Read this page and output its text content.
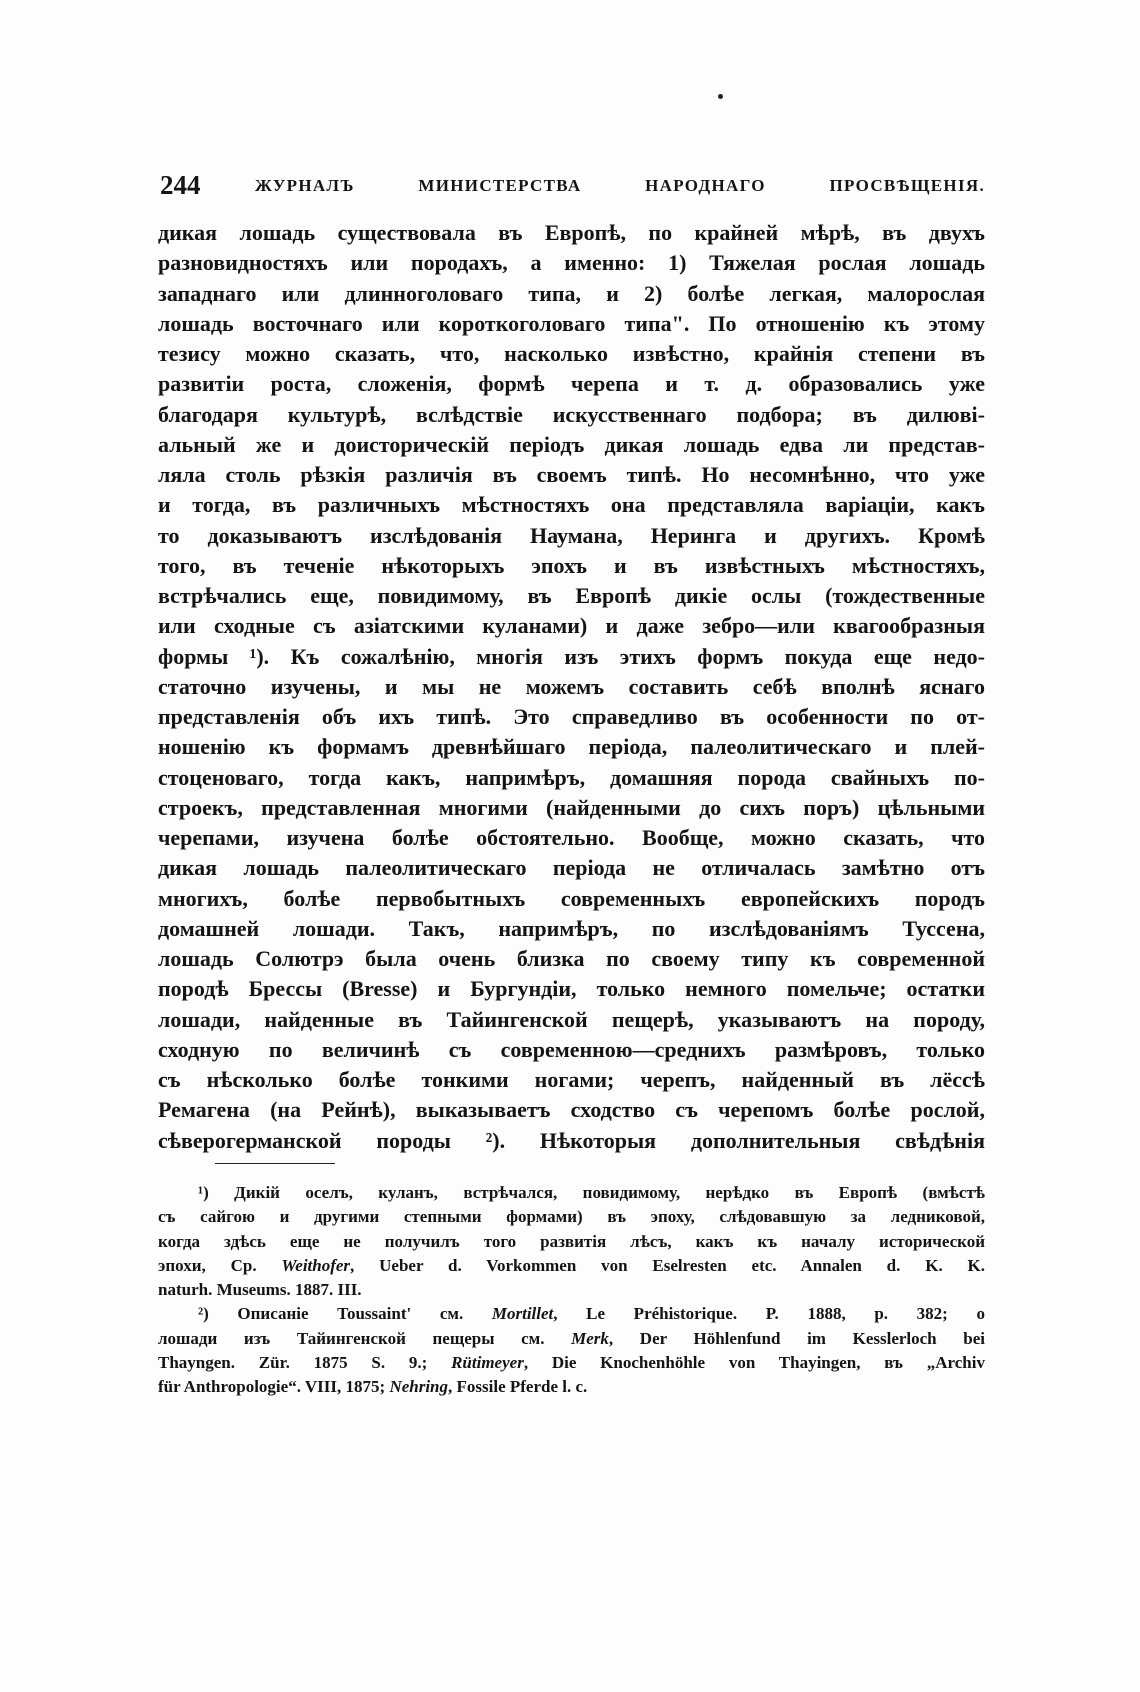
244	ЖУРНАЛЪ МИНИСТЕРСТВА НАРОДНАГО ПРОСВѢЩЕНІЯ.
дикая лошадь существовала въ Европѣ, по крайней мѣрѣ, въ двухъ
разновидностяхъ или породахъ, а именно: 1) Тяжелая рослая лошадь
западнаго или длинноголоваго типа, и 2) болѣе легкая, малорослая
лошадь восточнаго или короткоголоваго типа". По отношенію къ этому
тезису можно сказать, что, насколько извѣстно, крайнія степени въ
развитіи роста, сложенія, формѣ черепа и т. д. образовались уже
благодаря культурѣ, вслѣдствіе искусственнаго подбора; въ дилюві-
альный же и доисторическій періодъ дикая лошадь едва ли представ-
ляла столь рѣзкія различія въ своемъ типѣ. Но несомнѣнно, что уже
и тогда, въ различныхъ мѣстностяхъ она представляла варіаціи, какъ
то доказываютъ изслѣдованія Наумана, Неринга и другихъ. Кромѣ
того, въ теченіе нѣкоторыхъ эпохъ и въ извѣстныхъ мѣстностяхъ,
встрѣчались еще, повидимому, въ Европѣ дикіе ослы (тождественные
или сходные съ азіатскими куланами) и даже зебро—или квагообразныя
формы ¹). Къ сожалѣнію, многія изъ этихъ формъ покуда еще недо-
статочно изучены, и мы не можемъ составить себѣ вполнѣ яснаго
представленія объ ихъ типѣ. Это справедливо въ особенности по от-
ношенію къ формамъ древнѣйшаго періода, палеолитическаго и плей-
стоценоваго, тогда какъ, напримѣръ, домашняя порода свайныхъ по-
строекъ, представленная многими (найденными до сихъ поръ) цѣльными
черепами, изучена болѣе обстоятельно. Вообще, можно сказать, что
дикая лошадь палеолитическаго періода не отличалась замѣтно отъ
многихъ, болѣе первобытныхъ современныхъ европейскихъ породъ
домашней лошади. Такъ, напримѣръ, по изслѣдованіямъ Туссена,
лошадь Солютрэ была очень близка по своему типу къ современной
породѣ Брессы (Bresse) и Бургундіи, только немного помельче; остатки
лошади, найденные въ Тайингенской пещерѣ, указываютъ на породу,
сходную по величинѣ съ современною—среднихъ размѣровъ, только
съ нѣсколько болѣе тонкими ногами; черепъ, найденный въ лёссѣ
Ремагена (на Рейнѣ), выказываетъ сходство съ черепомъ болѣе рослой,
сѣверогерманской породы ²). Нѣкоторыя дополнительныя свѣдѣнія
¹) Дикій оселъ, куланъ, встрѣчался, повидимому, нерѣдко въ Европѣ (вмѣстѣ
съ сайгою и другими степными формами) въ эпоху, слѣдовавшую за ледниковой,
когда здѣсь еще не получилъ того развитія лѣсъ, какъ къ началу исторической
эпохи, Ср. Weithofer, Ueber d. Vorkommen von Eselresten etc. Annalen d. K. K.
naturh. Museums. 1887. III.
²) Описаніе Toussaint' см. Mortillet, Le Préhistorique. P. 1888, p. 382; о
лошади изъ Тайингенской пещеры см. Merk, Der Höhlenfund im Kesslerloch bei
Thayngen. Zür. 1875 S. 9.; Rütimeyer, Die Knochenhöhle von Thayingen, въ „Archiv
für Anthropologie“. VIII, 1875; Nehring, Fossile Pferde l. c.
